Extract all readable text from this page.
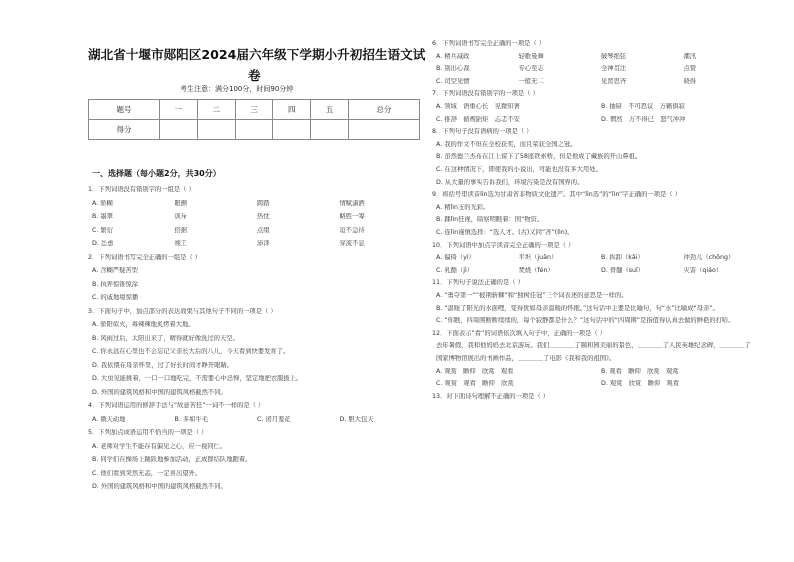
湖北省十堰市郧阳区2024届六年级下学期小升初招生语文试
卷
考生注意：满分100分，时间90分钟
题号	一	二	三	四	五	总分
得分						
一、选择题（每小题2分，共30分）
1．下列词语没有错别字的一组是（ ）
A. 骄糊	眼颤	跨踏	情赋潇洒
B. 墨翠	训斥	热忱	略胜一筹
C. 繁衍	搭据	点缀	迫不急待
D. 怂恿	竣工	沛泽	穿流不息
2．下列词语书写完全正确的一组是（ ）
A. 含糊严疑苦型
B. 执弄惊锥惊涂
C. 的戚地境惊播
3．下面句子中，加点部分的表达效果与其他句子不同的一项是（ ）
A. 骄阳似火，毒辣辣地炙烤着大地。
B. 风雨过后，太阳出来了，晴得就好像洗过的天空。
C. 你永远在心里也不会忘记父亲长大后的八儿，今天看到快要发育了。
D. 我依偎在母亲怀里，过了好长时间才睁开眼睛。
D. 大虫见能挑着，一口一口地吃完，不需要心中忌惮，坚定地把衣服披上。
D. 外国的建筑风格和中国的建筑风格截然不同。
4．下列词语运用的修辞手法与“故意苦狂”一词不一样的是（ ）
A. 微天动地	B. 多如牛毛	C. 闭月羞花	D. 胆大包天
5．下列加点成语运用不恰当的一项是（ ）
A. 老师对学生不能存有偏见之心，应一视同仁。
B. 同学们在操场上踊跃地参加活动，正成群结队地跑着。
C. 他们看到突然无恙，一定喜出望外。
D. 外国的建筑风格和中国的建筑风格截然不同。
6．下列词语书写完全正确的一项是（ ）
A. 精兵减政	轻歌曼舞	破琴绝弦	潮汛
B. 别出心裁	专心至志	全神贯注	点赞
C. 司空见惯	一般无二	见贤思齐	晓得
7．下列词语没有错别字的一项是（ ）
A. 领域　语重心长　见微知著	B. 抽屉　不可思议　万籁俱寂
C. 推辞　循规蹈矩　忐忑不安	D. 惘然　万不得已　怒气冲冲
8．下列句子没有语病的一项是（ ）
A. 我的作文不但在全校获奖，而且荣获全国之冠。
B. 虽然德兰杰布在江上留下了58座铁索桥，但是他成了藏族的开山鼻祖。
C. 在这种情况下，即使我的小说出，可能也没有多大用处。
D. 从大量的事实告诉我们，环境污染是没有国界的。
9．将括号里读音lìn选为甘肃省非物质文化遗产。其中“lìn选”的“lìn”字正确的一项是（ ）
A. 精lìn玉的光彩。
B. 蹂lìn狂视，暗察明瞧着：国“物资。
C. 连lìn谨慎选择：“选人才。(古)又同“吝”(lìn)。
10．下列词语中加点字读音完全正确的一项是（ ）
A. 偏倚（yì）	平坦（juān）	B. 拆卸（kǎi）	冲劲儿（chōng）
C. 乳酪（jì）	焚烧（fén）	D. 骨髓（suǐ）	灾害（qiáo）
11．下列句子说法正确的是（ ）
A. “勇夺第一”“披荆斩棘”和“独树佳冠”三个词表述的意思是一样的。
B. “温暖了阳光的水面哩，变得犹如母亲温暖的怀抱。”这句话中主要是比喻句，句“水”比喻成“母亲”。
C. “你瞧，四周围断断续续的，每个寂静都是什么？”这句话中的“四周围”是指值得认真去做的鲜艳的打哈。
12．下面表示“看”的词语依次填入句子中，正确的一项是（ ）
去年暑假，我和他妈妈去北京游玩。我们＿＿＿＿了颐和园美丽的景色，＿＿＿＿了人民英雄纪念碑，＿＿＿＿了
国家博物馆展出的书画作品，＿＿＿＿了电影《我和我的祖国》。
A. 观赏　瞻仰　欣赏　观看	B. 观看　瞻仰　欣赏　观赏
C. 观赏　观看　瞻仰　欣赏	D. 观赏　欣赏　瞻仰　观看
13．对下面诗句理解不正确的一项是（ ）
